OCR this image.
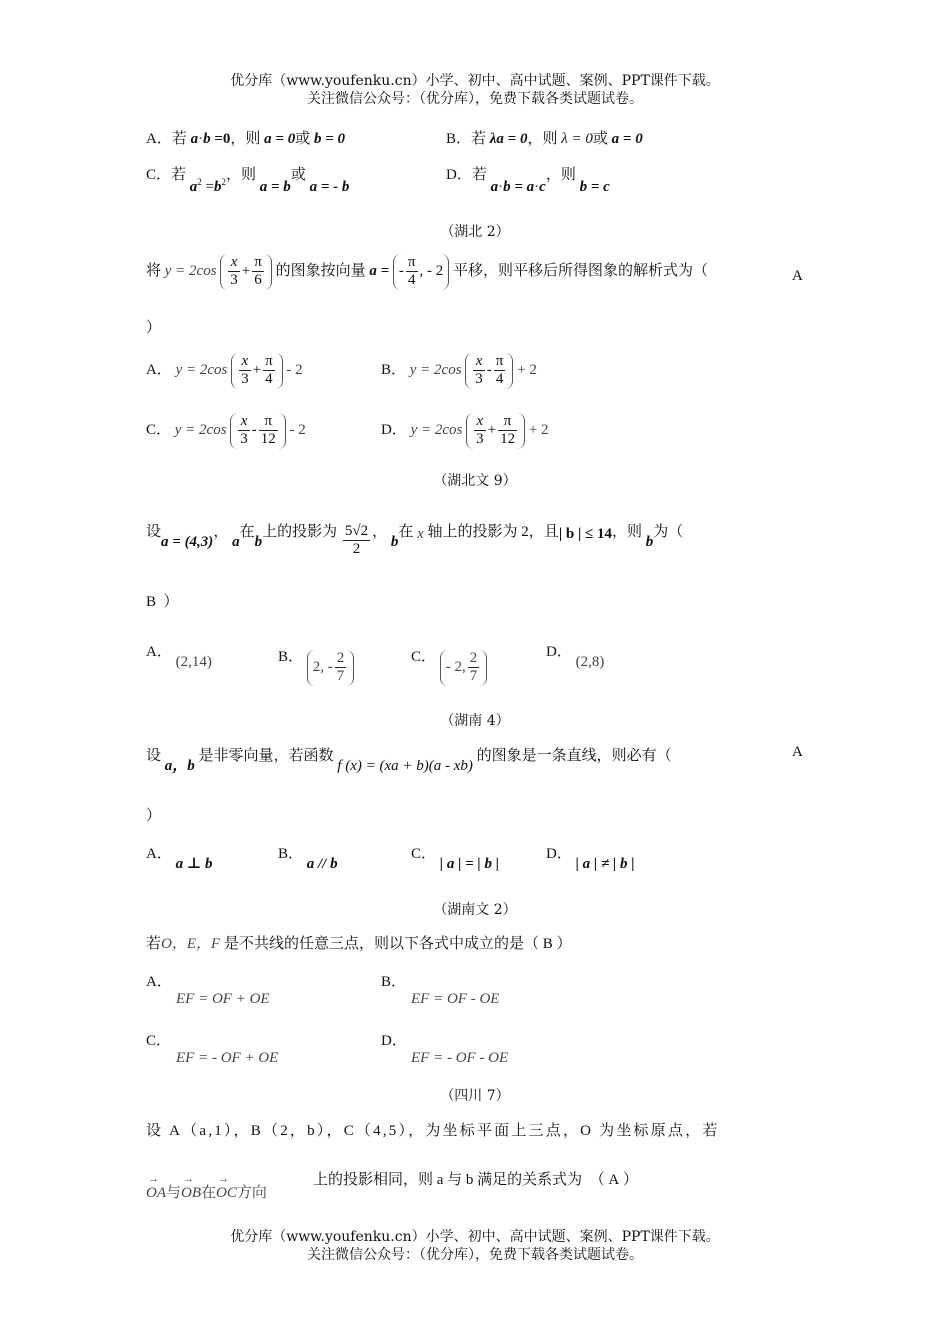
优分库（www.youfenku.cn）小学、初中、高中试题、案例、PPT课件下载。
关注微信公众号：（优分库），免费下载各类试题试卷。
A．若 a·b =0，则 a = 0或 b = 0	B．若 λa = 0，则 λ = 0或 a = 0
C．若 $a^2 =b^2$，则 a = b或 a = - b
D．若 a·b = a·c，则 b = c
（湖北 2）
将 $y = 2\cos \frac{x}{3} + \frac{\pi}{6}$ 的图象按向量 a = - $\frac{\pi}{4}$ , - 2 平移，则平移后所得图象的解析式为（	A
）
A． $y = 2\cos \frac{x}{3} + \frac{\pi}{4} - 2$	B． $y = 2\cos \frac{x}{3} - \frac{\pi}{4} + 2$
C． $y = 2\cos \frac{x}{3} - \frac{\pi}{12} - 2$	D． $y = 2\cos \frac{x}{3} + \frac{\pi}{12} + 2$
（湖北文 9）
设a = (4,3)， a在b上的投影为 $\frac{5√2}{2}$ ， b在 x 轴上的投影为 2，且| b | ≤ 14，则 b为（
B ）
A． (2,14)	B． 2, - $\frac{2}{7}$	C． - 2, $\frac{2}{7}$	D． (2,8)
（湖南 4）
设 a，b 是非零向量，若函数 f (x) = (xa + b)(a - xb) 的图象是一条直线，则必有（	A
）
A． a ⊥ b
B． a // b
C． | a | = | b |
D． | a | ≠ | b |
（湖南文 2）
若O，E，F 是不共线的任意三点，则以下各式中成立的是（ B ）
A．
EF = OF + OE
B．
EF = OF - OE
C．
EF = - OF + OE
D．
EF = - OF - OE
（四川 7）
设 A（a,1），B（2，b），C（4,5），为坐标平面上三点，O 为坐标原点，若
→ OA与→ OB在→ OC方向
上的投影相同，则 a 与 b 满足的关系式为　（ A ）
优分库（www.youfenku.cn）小学、初中、高中试题、案例、PPT课件下载。
关注微信公众号：（优分库），免费下载各类试题试卷。
